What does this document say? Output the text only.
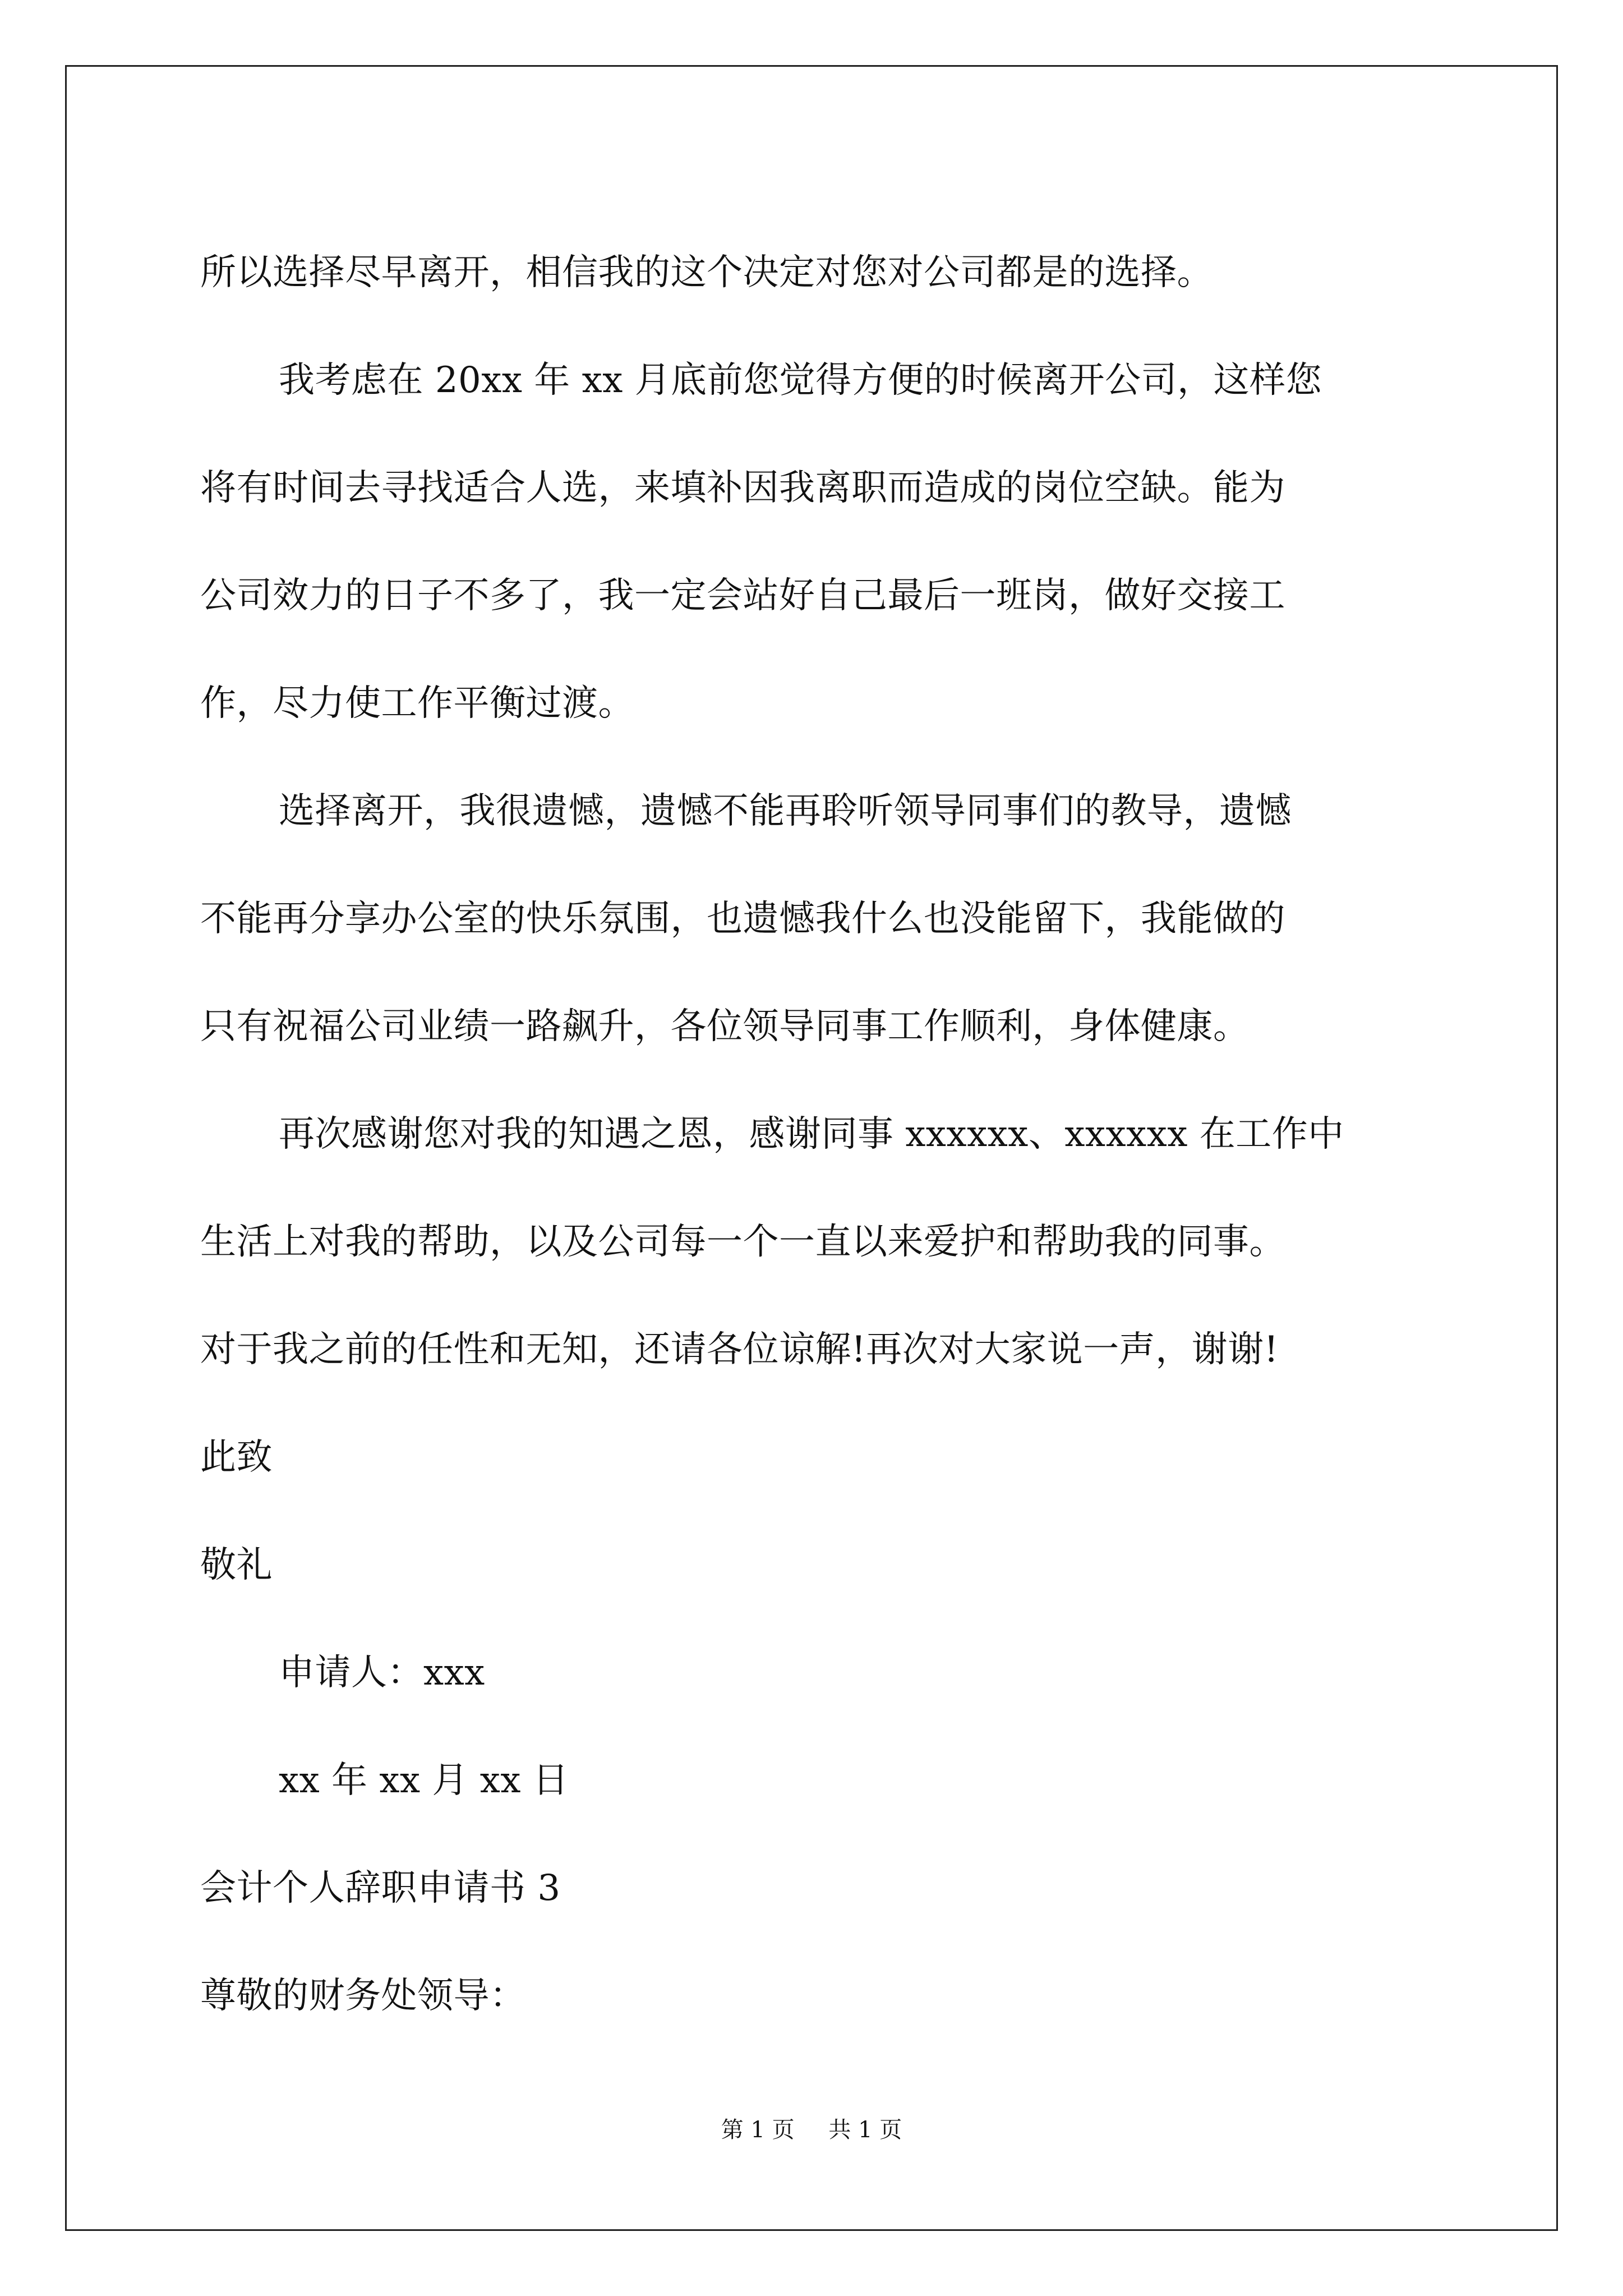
所以选择尽早离开，相信我的这个决定对您对公司都是的选择。
我考虑在 20xx 年 xx 月底前您觉得方便的时候离开公司，这样您
将有时间去寻找适合人选，来填补因我离职而造成的岗位空缺。能为
公司效力的日子不多了，我一定会站好自己最后一班岗，做好交接工
作，尽力使工作平衡过渡。
选择离开，我很遗憾，遗憾不能再聆听领导同事们的教导，遗憾
不能再分享办公室的快乐氛围，也遗憾我什么也没能留下，我能做的
只有祝福公司业绩一路飙升，各位领导同事工作顺利，身体健康。
再次感谢您对我的知遇之恩，感谢同事 xxxxxx、xxxxxx 在工作中
生活上对我的帮助，以及公司每一个一直以来爱护和帮助我的同事。
对于我之前的任性和无知，还请各位谅解!再次对大家说一声，谢谢!
此致
敬礼
申请人：xxx
xx 年 xx 月 xx 日
会计个人辞职申请书 3
尊敬的财务处领导：
第 1 页 共 1 页
